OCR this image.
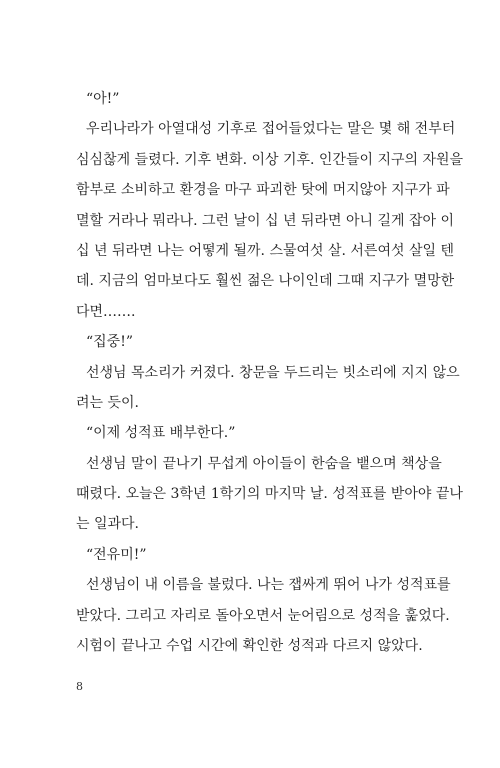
“아!”
우리나라가 아열대성 기후로 접어들었다는 말은 몇 해 전부터
심심찮게 들렸다. 기후 변화. 이상 기후. 인간들이 지구의 자원을
함부로 소비하고 환경을 마구 파괴한 탓에 머지않아 지구가 파
멸할 거라나 뭐라나. 그런 날이 십 년 뒤라면 아니 길게 잡아 이
십 년 뒤라면 나는 어떻게 될까. 스물여섯 살. 서른여섯 살일 텐
데. 지금의 엄마보다도 훨씬 젊은 나이인데 그때 지구가 멸망한
다면…….
“집중!”
선생님 목소리가 커졌다. 창문을 두드리는 빗소리에 지지 않으
려는 듯이.
“이제 성적표 배부한다.”
선생님 말이 끝나기 무섭게 아이들이 한숨을 뱉으며 책상을
때렸다. 오늘은 3학년 1학기의 마지막 날. 성적표를 받아야 끝나
는 일과다.
“전유미!”
선생님이 내 이름을 불렀다. 나는 잽싸게 뛰어 나가 성적표를
받았다. 그리고 자리로 돌아오면서 눈어림으로 성적을 훑었다.
시험이 끝나고 수업 시간에 확인한 성적과 다르지 않았다.
8
